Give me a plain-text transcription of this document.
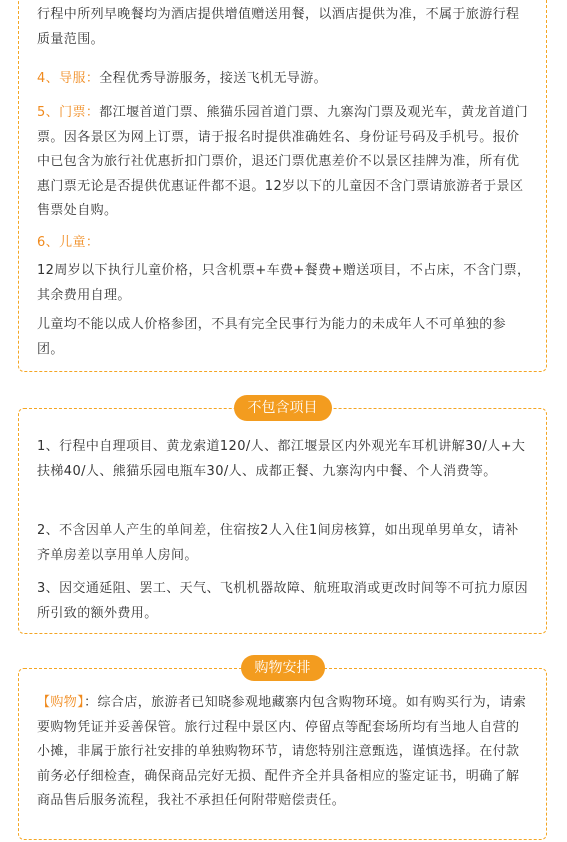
行程中所列早晚餐均为酒店提供增值赠送用餐，以酒店提供为准，不属于旅游行程质量范围。

4、导服：全程优秀导游服务，接送飞机无导游。

5、门票：都江堰首道门票、熊猫乐园首道门票、九寨沟门票及观光车，黄龙首道门票。因各景区为网上订票，请于报名时提供准确姓名、身份证号码及手机号。报价中已包含为旅行社优惠折扣门票价，退还门票优惠差价不以景区挂牌为准，所有优惠门票无论是否提供优惠证件都不退。12岁以下的儿童因不含门票请旅游者于景区售票处自购。

6、儿童：

12周岁以下执行儿童价格，只含机票+车费+餐费+赠送项目，不占床，不含门票，其余费用自理。

儿童均不能以成人价格参团，不具有完全民事行为能力的未成年人不可单独的参团。

不包含项目

1、行程中自理项目、黄龙索道120/人、都江堰景区内外观光车耳机讲解30/人+大扶梯40/人、熊猫乐园电瓶车30/人、成都正餐、九寨沟内中餐、个人消费等。

2、不含因单人产生的单间差，住宿按2人入住1间房核算，如出现单男单女，请补齐单房差以享用单人房间。

3、因交通延阻、罢工、天气、飞机机器故障、航班取消或更改时间等不可抗力原因所引致的额外费用。

购物安排

【购物】：综合店，旅游者已知晓参观地藏寨内包含购物环境。如有购买行为，请索要购物凭证并妥善保管。旅行过程中景区内、停留点等配套场所均有当地人自营的小摊，非属于旅行社安排的单独购物环节，请您特别注意甄选，谨慎选择。在付款前务必仔细检查，确保商品完好无损、配件齐全并具备相应的鉴定证书，明确了解商品售后服务流程，我社不承担任何附带赔偿责任。
